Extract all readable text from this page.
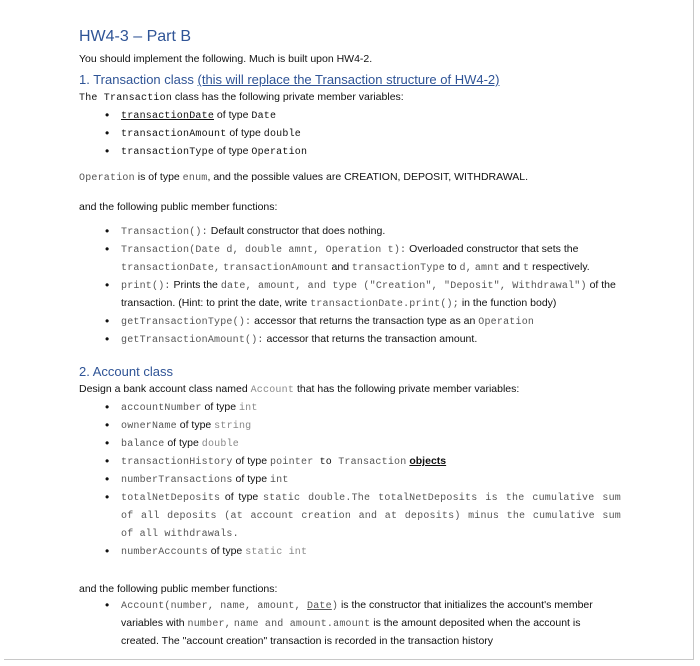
HW4-3 – Part B

You should implement the following. Much is built upon HW4-2.

1. Transaction class (this will replace the Transaction structure of HW4-2)

The Transaction class has the following private member variables:

• transactionDate of type Date
• transactionAmount of type double
• transactionType of type Operation

Operation is of type enum, and the possible values are CREATION, DEPOSIT, WITHDRAWAL.

and the following public member functions:

• Transaction(): Default constructor that does nothing.
• Transaction(Date d, double amnt, Operation t): Overloaded constructor that sets the transactionDate, transactionAmount and transactionType to d, amnt and t respectively.
• print(): Prints the date, amount, and type ("Creation", "Deposit", Withdrawal") of the transaction. (Hint: to print the date, write transactionDate.print(); in the function body)
• getTransactionType(): accessor that returns the transaction type as an Operation
• getTransactionAmount(): accessor that returns the transaction amount.
2. Account class

Design a bank account class named Account that has the following private member variables:

• accountNumber of type int
• ownerName of type string
• balance of type double
• transactionHistory of type pointer to Transaction objects
• numberTransactions of type int
• totalNetDeposits of type static double.The totalNetDeposits is the cumulative sum of all deposits (at account creation and at deposits) minus the cumulative sum of all withdrawals.
• numberAccounts of type static int

and the following public member functions:

• Account(number, name, amount, Date) is the constructor that initializes the account's member variables with number, name and amount.amount is the amount deposited when the account is created. The "account creation" transaction is recorded in the transaction history
